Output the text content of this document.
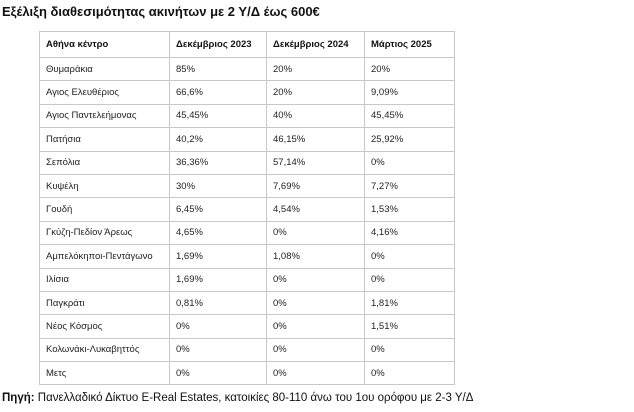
Εξέλιξη διαθεσιμότητας ακινήτων με 2 Υ/Δ έως 600€
Αθήνα κέντρο	Δεκέμβριος 2023	Δεκέμβριος 2024	Μάρτιος 2025
Θυμαράκια	85%	20%	20%
Αγιος Ελευθέριος	66,6%	20%	9,09%
Αγιος Παντελεήμονας	45,45%	40%	45,45%
Πατήσια	40,2%	46,15%	25,92%
Σεπόλια	36,36%	57,14%	0%
Κυψέλη	30%	7,69%	7,27%
Γουδή	6,45%	4,54%	1,53%
Γκύζη-Πεδίον Άρεως	4,65%	0%	4,16%
Αμπελόκηποι-Πεντάγωνο	1,69%	1,08%	0%
Ιλίσια	1,69%	0%	0%
Παγκράτι	0,81%	0%	1,81%
Νέος Κόσμος	0%	0%	1,51%
Κολωνάκι-Λυκαβηττός	0%	0%	0%
Μετς	0%	0%	0%
Πηγή: Πανελλαδικό Δίκτυο E-Real Estates, κατοικίες 80-110 άνω του 1ου ορόφου με 2-3 Υ/Δ
